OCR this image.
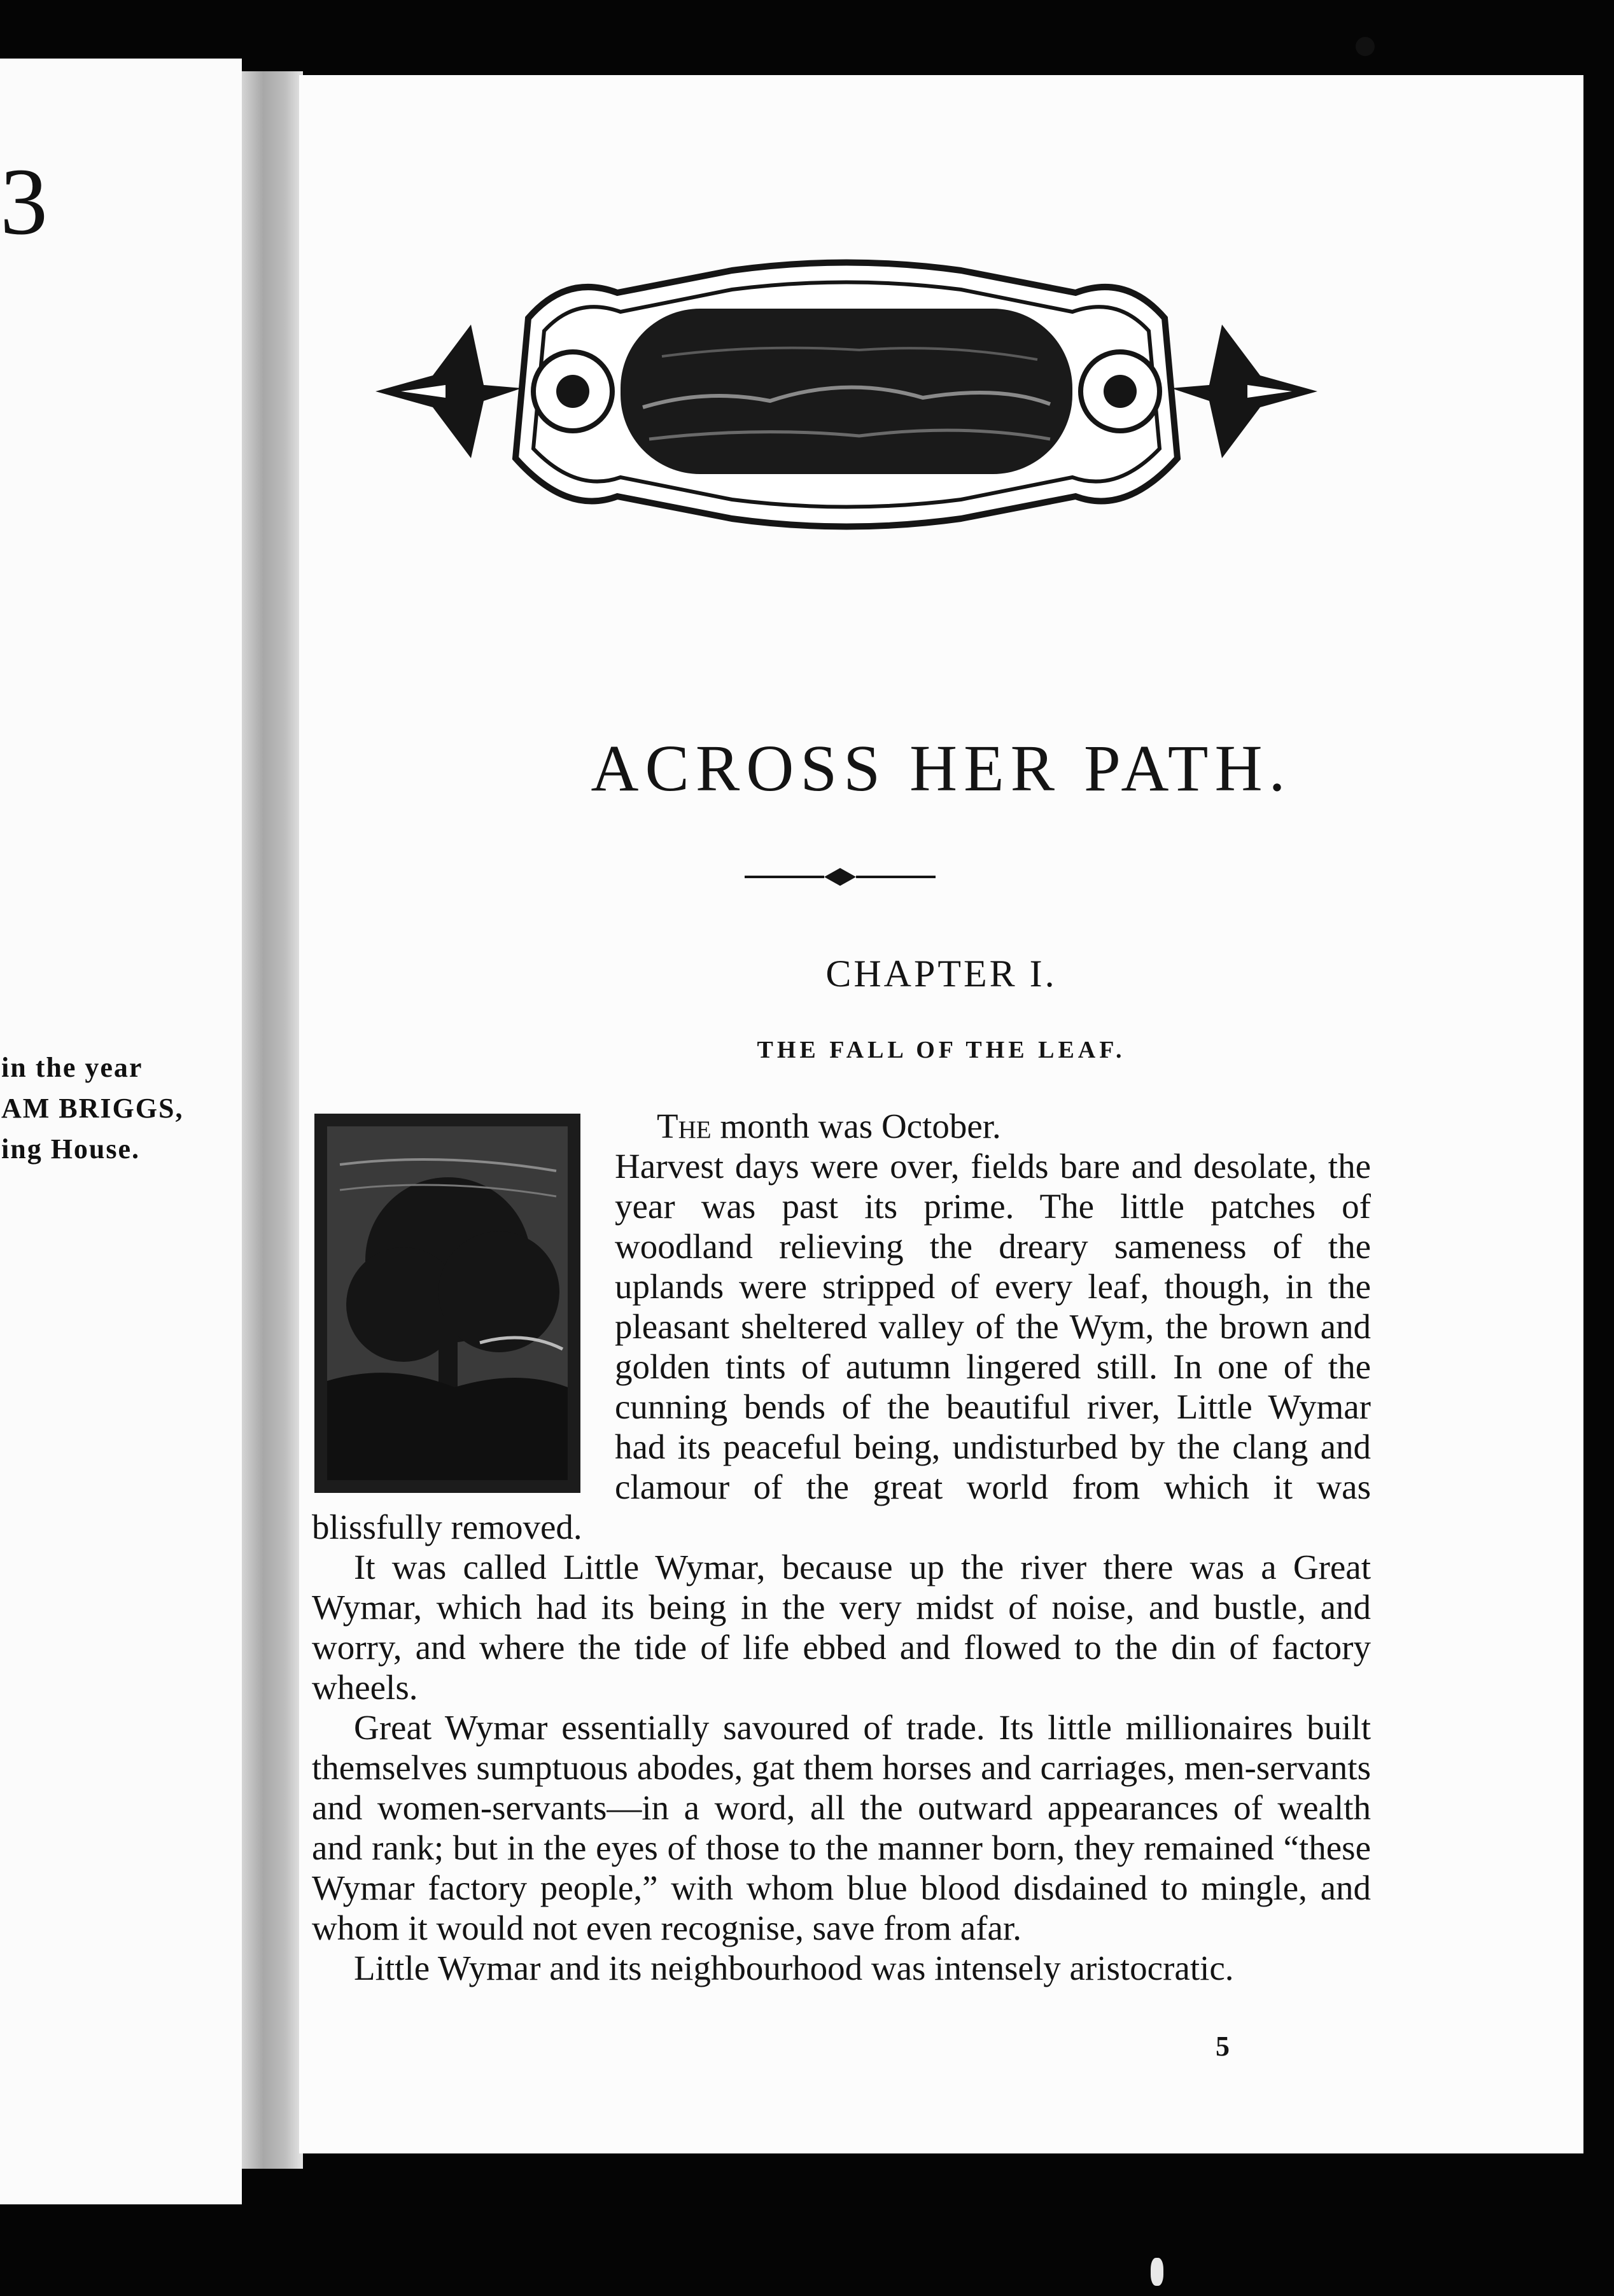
3
in the year
AM BRIGGS,
ing House.
ACROSS HER PATH.
CHAPTER I.
THE FALL OF THE LEAF.

The month was October.

Harvest days were over, fields bare and desolate, the year was past its prime. The little patches of woodland relieving the dreary sameness of the uplands were stripped of every leaf, though, in the pleasant sheltered valley of the Wym, the brown and golden tints of autumn lingered still. In one of the cunning bends of the beautiful river, Little Wymar had its peaceful being, undisturbed by the clang and clamour of the great world from which it was blissfully removed.

It was called Little Wymar, because up the river there was a Great Wymar, which had its being in the very midst of noise, and bustle, and worry, and where the tide of life ebbed and flowed to the din of factory wheels.

Great Wymar essentially savoured of trade. Its little millionaires built themselves sumptuous abodes, gat them horses and carriages, men-servants and women-servants—in a word, all the outward appearances of wealth and rank; but in the eyes of those to the manner born, they remained “these Wymar factory people,” with whom blue blood disdained to mingle, and whom it would not even recognise, save from afar.

Little Wymar and its neighbourhood was intensely aristocratic.

5
